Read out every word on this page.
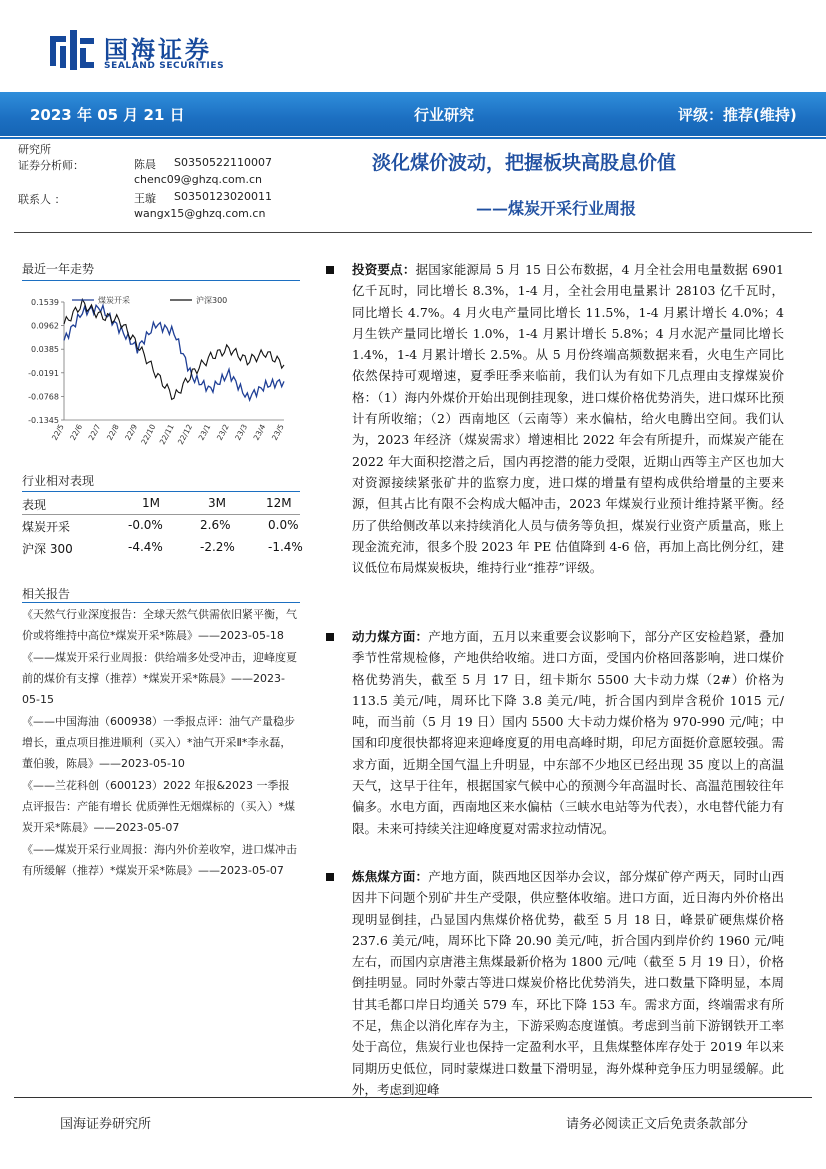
国海证券
SEALAND SECURITIES
2023 年 05 月 21 日	行业研究	评级：推荐(维持)
研究所
证券分析师：	陈晨 S0350522110007
chenc09@ghzq.com.cn
联系人 ：	王璇 S0350123020011
wangx15@ghzq.com.cn
淡化煤价波动，把握板块高股息价值
——煤炭开采行业周报
最近一年走势
0.1539
0.0962
0.0385
-0.0191
-0.0768
-0.1345
22/5 22/6 22/7 22/8 22/9 22/10 22/11 22/12 23/1 23/2 23/3 23/4 23/5
煤炭开采	沪深300
行业相对表现
表现	1M	3M	12M
煤炭开采	-0.0%	2.6%	0.0%
沪深 300	-4.4%	-2.2%	-1.4%
相关报告

《天然气行业深度报告：全球天然气供需依旧紧平衡，气价或将维持中高位*煤炭开采*陈晨》——2023-05-18

《——煤炭开采行业周报：供给端多处受冲击，迎峰度夏前的煤价有支撑（推荐）*煤炭开采*陈晨》——2023-05-15

《——中国海油（600938）一季报点评：油气产量稳步增长，重点项目推进顺利（买入）*油气开采Ⅱ*李永磊，董伯骏，陈晨》——2023-05-10

《——兰花科创（600123）2022 年报&2023 一季报点评报告：产能有增长 优质弹性无烟煤标的（买入）*煤炭开采*陈晨》——2023-05-07

《——煤炭开采行业周报：海内外价差收窄，进口煤冲击有所缓解（推荐）*煤炭开采*陈晨》——2023-05-07

投资要点：据国家能源局 5 月 15 日公布数据，4 月全社会用电量数据 6901 亿千瓦时，同比增长 8.3%，1-4 月，全社会用电量累计 28103 亿千瓦时，同比增长 4.7%。4 月火电产量同比增长 11.5%，1-4 月累计增长 4.0%；4 月生铁产量同比增长 1.0%，1-4 月累计增长 5.8%；4 月水泥产量同比增长 1.4%，1-4 月累计增长 2.5%。从 5 月份终端高频数据来看，火电生产同比依然保持可观增速，夏季旺季来临前，我们认为有如下几点理由支撑煤炭价格：（1）海内外煤价开始出现倒挂现象，进口煤价格优势消失，进口煤环比预计有所收缩；（2）西南地区（云南等）来水偏枯，给火电腾出空间。我们认为，2023 年经济（煤炭需求）增速相比 2022 年会有所提升，而煤炭产能在 2022 年大面积挖潜之后，国内再挖潜的能力受限，近期山西等主产区也加大对资源接续紧张矿井的监察力度，进口煤的增量有望构成供给增量的主要来源，但其占比有限不会构成大幅冲击，2023 年煤炭行业预计维持紧平衡。经历了供给侧改革以来持续消化人员与债务等负担，煤炭行业资产质量高，账上现金流充沛，很多个股 2023 年 PE 估值降到 4-6 倍，再加上高比例分红，建议低位布局煤炭板块，维持行业“推荐”评级。
动力煤方面：产地方面，五月以来重要会议影响下，部分产区安检趋紧，叠加季节性常规检修，产地供给收缩。进口方面，受国内价格回落影响，进口煤价格优势消失，截至 5 月 17 日，纽卡斯尔 5500 大卡动力煤（2#）价格为 113.5 美元/吨，周环比下降 3.8 美元/吨，折合国内到岸含税价 1015 元/吨，而当前（5 月 19 日）国内 5500 大卡动力煤价格为 970-990 元/吨；中国和印度很快都将迎来迎峰度夏的用电高峰时期，印尼方面挺价意愿较强。需求方面，近期全国气温上升明显，中东部不少地区已经出现 35 度以上的高温天气，这早于往年，根据国家气候中心的预测今年高温时长、高温范围较往年偏多。水电方面，西南地区来水偏枯（三峡水电站等为代表），水电替代能力有限。未来可持续关注迎峰度夏对需求拉动情况。
炼焦煤方面：产地方面，陕西地区因举办会议，部分煤矿停产两天，同时山西因井下问题个别矿井生产受限，供应整体收缩。进口方面，近日海内外价格出现明显倒挂，凸显国内焦煤价格优势，截至 5 月 18 日，峰景矿硬焦煤价格 237.6 美元/吨，周环比下降 20.90 美元/吨，折合国内到岸价约 1960 元/吨左右，而国内京唐港主焦煤最新价格为 1800 元/吨（截至 5 月 19 日），价格倒挂明显。同时外蒙古等进口煤炭价格比优势消失，进口数量下降明显，本周甘其毛都口岸日均通关 579 车，环比下降 153 车。需求方面，终端需求有所不足，焦企以消化库存为主，下游采购态度谨慎。考虑到当前下游钢铁开工率处于高位，焦炭行业也保持一定盈利水平，且焦煤整体库存处于 2019 年以来同期历史低位，同时蒙煤进口数量下滑明显，海外煤种竞争压力明显缓解。此外，考虑到迎峰
国海证券研究所	请务必阅读正文后免责条款部分
